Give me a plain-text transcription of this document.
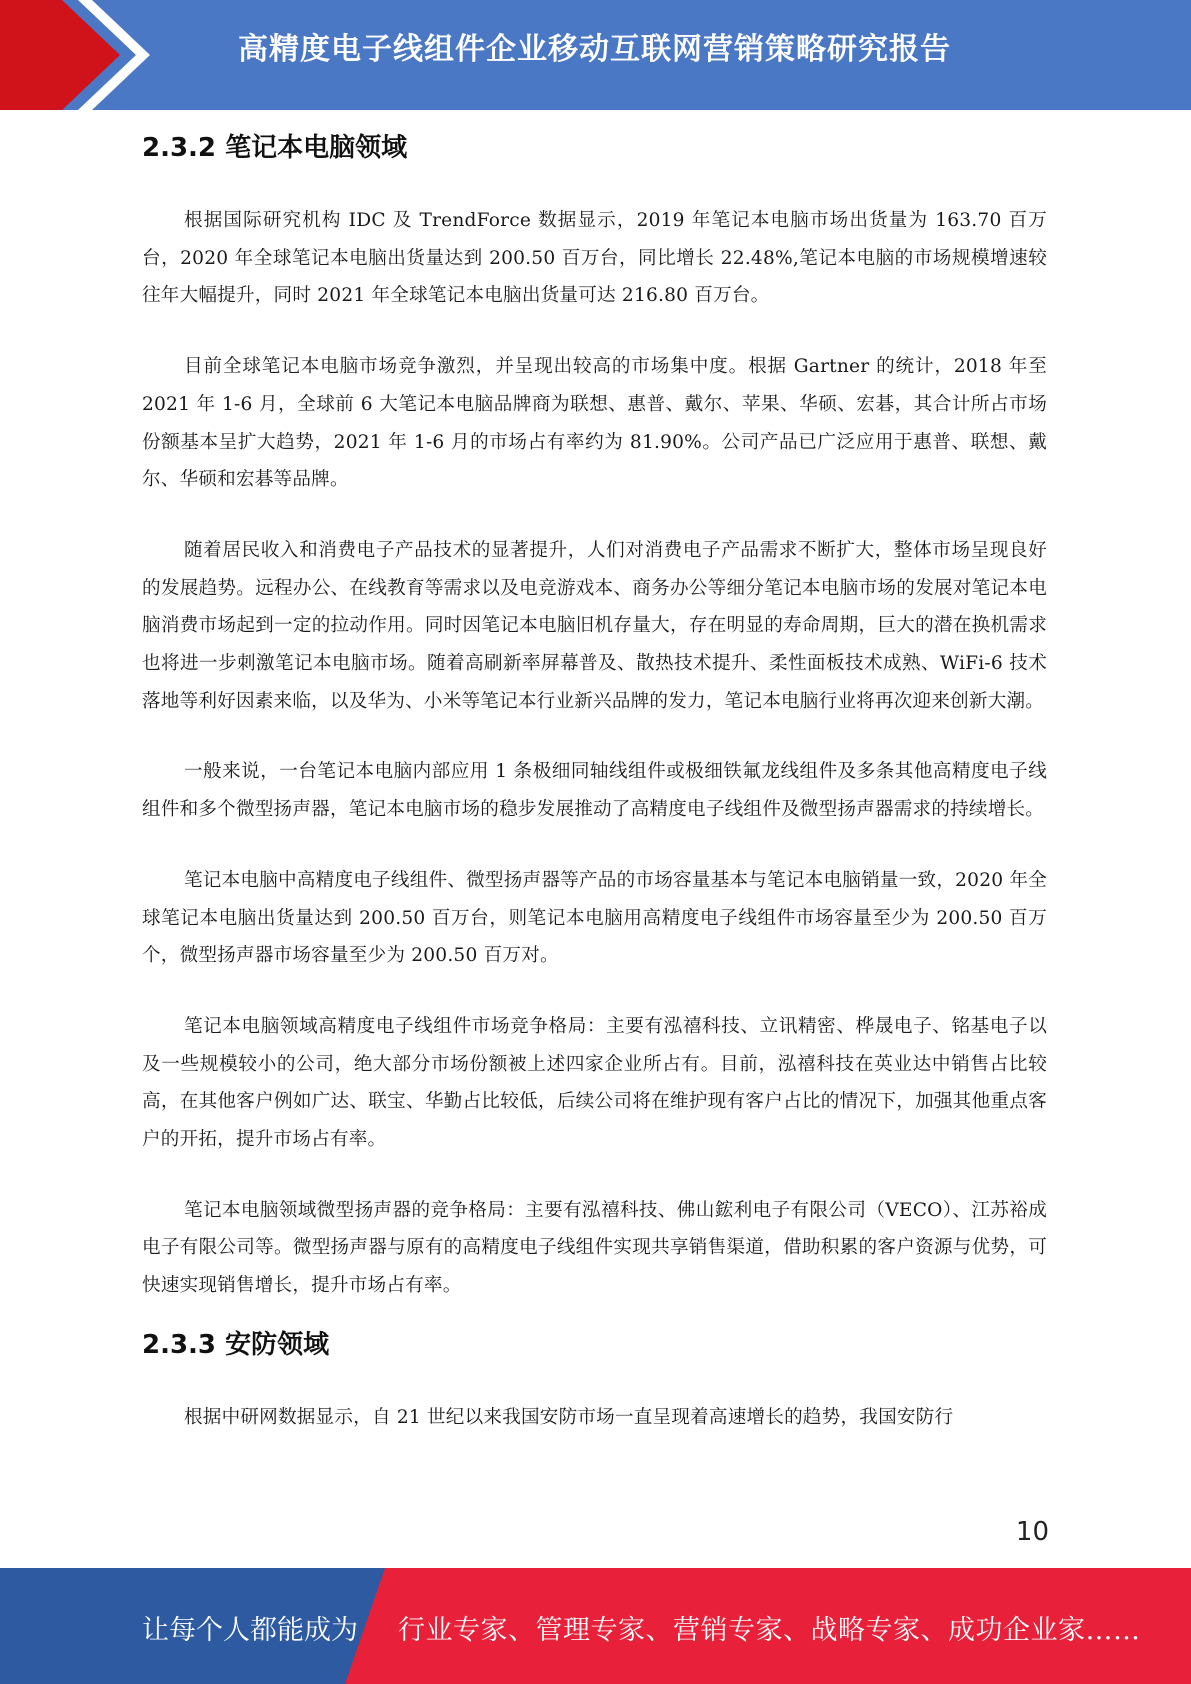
高精度电子线组件企业移动互联网营销策略研究报告
2.3.2 笔记本电脑领域

根据国际研究机构 IDC 及 TrendForce 数据显示，2019 年笔记本电脑市场出货量为 163.70 百万台，2020 年全球笔记本电脑出货量达到 200.50 百万台，同比增长 22.48%,笔记本电脑的市场规模增速较往年大幅提升，同时 2021 年全球笔记本电脑出货量可达 216.80 百万台。

目前全球笔记本电脑市场竞争激烈，并呈现出较高的市场集中度。根据 Gartner 的统计，2018 年至 2021 年 1-6 月，全球前 6 大笔记本电脑品牌商为联想、惠普、戴尔、苹果、华硕、宏碁，其合计所占市场份额基本呈扩大趋势，2021 年 1-6 月的市场占有率约为 81.90%。公司产品已广泛应用于惠普、联想、戴尔、华硕和宏碁等品牌。

随着居民收入和消费电子产品技术的显著提升，人们对消费电子产品需求不断扩大，整体市场呈现良好的发展趋势。远程办公、在线教育等需求以及电竞游戏本、商务办公等细分笔记本电脑市场的发展对笔记本电脑消费市场起到一定的拉动作用。同时因笔记本电脑旧机存量大，存在明显的寿命周期，巨大的潜在换机需求也将进一步刺激笔记本电脑市场。随着高刷新率屏幕普及、散热技术提升、柔性面板技术成熟、WiFi-6 技术落地等利好因素来临，以及华为、小米等笔记本行业新兴品牌的发力，笔记本电脑行业将再次迎来创新大潮。

一般来说，一台笔记本电脑内部应用 1 条极细同轴线组件或极细铁氟龙线组件及多条其他高精度电子线组件和多个微型扬声器，笔记本电脑市场的稳步发展推动了高精度电子线组件及微型扬声器需求的持续增长。

笔记本电脑中高精度电子线组件、微型扬声器等产品的市场容量基本与笔记本电脑销量一致，2020 年全球笔记本电脑出货量达到 200.50 百万台，则笔记本电脑用高精度电子线组件市场容量至少为 200.50 百万个，微型扬声器市场容量至少为 200.50 百万对。

笔记本电脑领域高精度电子线组件市场竞争格局：主要有泓禧科技、立讯精密、桦晟电子、铭基电子以及一些规模较小的公司，绝大部分市场份额被上述四家企业所占有。目前，泓禧科技在英业达中销售占比较高，在其他客户例如广达、联宝、华勤占比较低，后续公司将在维护现有客户占比的情况下，加强其他重点客户的开拓，提升市场占有率。

笔记本电脑领域微型扬声器的竞争格局：主要有泓禧科技、佛山鋐利电子有限公司（VECO）、江苏裕成电子有限公司等。微型扬声器与原有的高精度电子线组件实现共享销售渠道，借助积累的客户资源与优势，可快速实现销售增长，提升市场占有率。

2.3.3 安防领域

根据中研网数据显示，自 21 世纪以来我国安防市场一直呈现着高速增长的趋势，我国安防行

10
让每个人都能成为 行业专家、管理专家、营销专家、战略专家、成功企业家……
